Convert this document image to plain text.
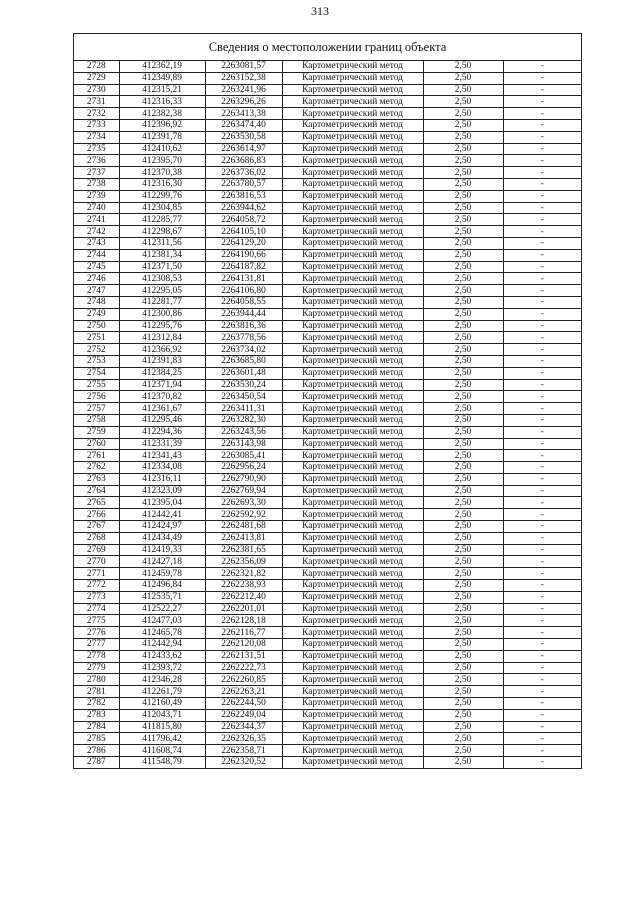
313
Сведения о местоположении границ объекта
2728	412362,19	2263081,57	Картометрический метод	2,50	-
2729	412349,89	2263152,38	Картометрический метод	2,50	-
2730	412315,21	2263241,96	Картометрический метод	2,50	-
2731	412316,33	2263296,26	Картометрический метод	2,50	-
2732	412382,38	2263413,38	Картометрический метод	2,50	-
2733	412396,92	2263474,40	Картометрический метод	2,50	-
2734	412391,78	2263530,58	Картометрический метод	2,50	-
2735	412410,62	2263614,97	Картометрический метод	2,50	-
2736	412395,70	2263686,83	Картометрический метод	2,50	-
2737	412370,38	2263736,02	Картометрический метод	2,50	-
2738	412316,30	2263780,57	Картометрический метод	2,50	-
2739	412299,76	2263816,53	Картометрический метод	2,50	-
2740	412304,85	2263944,62	Картометрический метод	2,50	-
2741	412285,77	2264058,72	Картометрический метод	2,50	-
2742	412298,67	2264105,10	Картометрический метод	2,50	-
2743	412311,56	2264129,20	Картометрический метод	2,50	-
2744	412381,34	2264190,66	Картометрический метод	2,50	-
2745	412371,50	2264187,82	Картометрический метод	2,50	-
2746	412308,53	2264131,81	Картометрический метод	2,50	-
2747	412295,05	2264106,80	Картометрический метод	2,50	-
2748	412281,77	2264058,55	Картометрический метод	2,50	-
2749	412300,86	2263944,44	Картометрический метод	2,50	-
2750	412295,76	2263816,36	Картометрический метод	2,50	-
2751	412312,84	2263778,56	Картометрический метод	2,50	-
2752	412366,92	2263734,02	Картометрический метод	2,50	-
2753	412391,83	2263685,80	Картометрический метод	2,50	-
2754	412384,25	2263601,48	Картометрический метод	2,50	-
2755	412371,94	2263530,24	Картометрический метод	2,50	-
2756	412370,82	2263450,54	Картометрический метод	2,50	-
2757	412361,67	2263411,31	Картометрический метод	2,50	-
2758	412295,46	2263282,30	Картометрический метод	2,50	-
2759	412294,36	2263243,56	Картометрический метод	2,50	-
2760	412331,39	2263143,98	Картометрический метод	2,50	-
2761	412341,43	2263085,41	Картометрический метод	2,50	-
2762	412334,08	2262956,24	Картометрический метод	2,50	-
2763	412316,11	2262790,90	Картометрический метод	2,50	-
2764	412323,09	2262769,94	Картометрический метод	2,50	-
2765	412395,04	2262693,30	Картометрический метод	2,50	-
2766	412442,41	2262592,92	Картометрический метод	2,50	-
2767	412424,97	2262481,68	Картометрический метод	2,50	-
2768	412434,49	2262413,81	Картометрический метод	2,50	-
2769	412419,33	2262381,65	Картометрический метод	2,50	-
2770	412427,18	2262356,09	Картометрический метод	2,50	-
2771	412459,78	2262321,82	Картометрический метод	2,50	-
2772	412496,84	2262238,93	Картометрический метод	2,50	-
2773	412535,71	2262212,40	Картометрический метод	2,50	-
2774	412522,27	2262201,01	Картометрический метод	2,50	-
2775	412477,03	2262128,18	Картометрический метод	2,50	-
2776	412465,78	2262116,77	Картометрический метод	2,50	-
2777	412442,94	2262120,08	Картометрический метод	2,50	-
2778	412433,62	2262131,51	Картометрический метод	2,50	-
2779	412393,72	2262222,73	Картометрический метод	2,50	-
2780	412346,28	2262260,85	Картометрический метод	2,50	-
2781	412261,79	2262263,21	Картометрический метод	2,50	-
2782	412160,49	2262244,50	Картометрический метод	2,50	-
2783	412043,71	2262249,04	Картометрический метод	2,50	-
2784	411815,80	2262344,37	Картометрический метод	2,50	-
2785	411796,42	2262326,35	Картометрический метод	2,50	-
2786	411608,74	2262358,71	Картометрический метод	2,50	-
2787	411548,79	2262320,52	Картометрический метод	2,50	-
